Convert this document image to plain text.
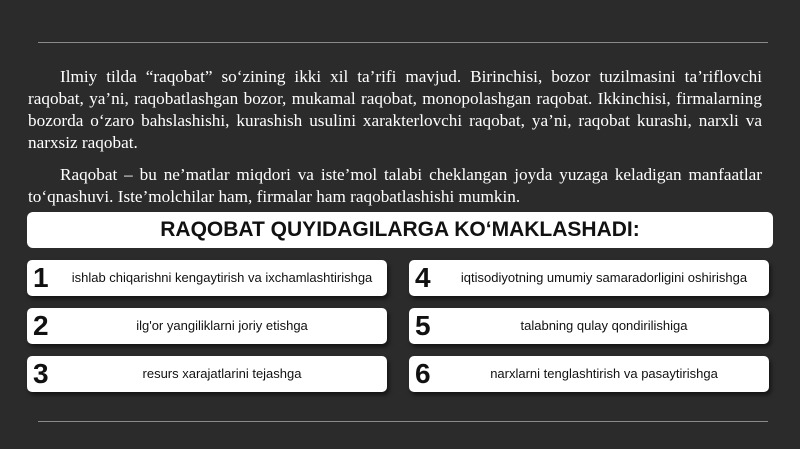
Ilmiy tilda “raqobat” so‘zining ikki xil ta’rifi mavjud. Birinchisi, bozor tuzilmasini ta’riflovchi raqobat, ya’ni, raqobatlashgan bozor, mukamal raqobat, monopolashgan raqobat. Ikkinchisi, firmalarning bozorda o‘zaro bahslashishi, kurashish usulini xarakterlovchi raqobat, ya’ni, raqobat kurashi, narxli va narxsiz raqobat.

Raqobat – bu ne’matlar miqdori va iste’mol talabi cheklangan joyda yuzaga keladigan manfaatlar to‘qnashuvi. Iste’molchilar ham, firmalar ham raqobatlashishi mumkin.

RAQOBAT QUYIDAGILARGA KO‘MAKLASHADI:
1	ishlab chiqarishni kengaytirish va ixchamlashtirishga
2	ilg'or yangiliklarni joriy etishga
3	resurs xarajatlarini tejashga
4	iqtisodiyotning umumiy samaradorligini oshirishga
5	talabning qulay qondirilishiga
6	narxlarni tenglashtirish va pasaytirishga
